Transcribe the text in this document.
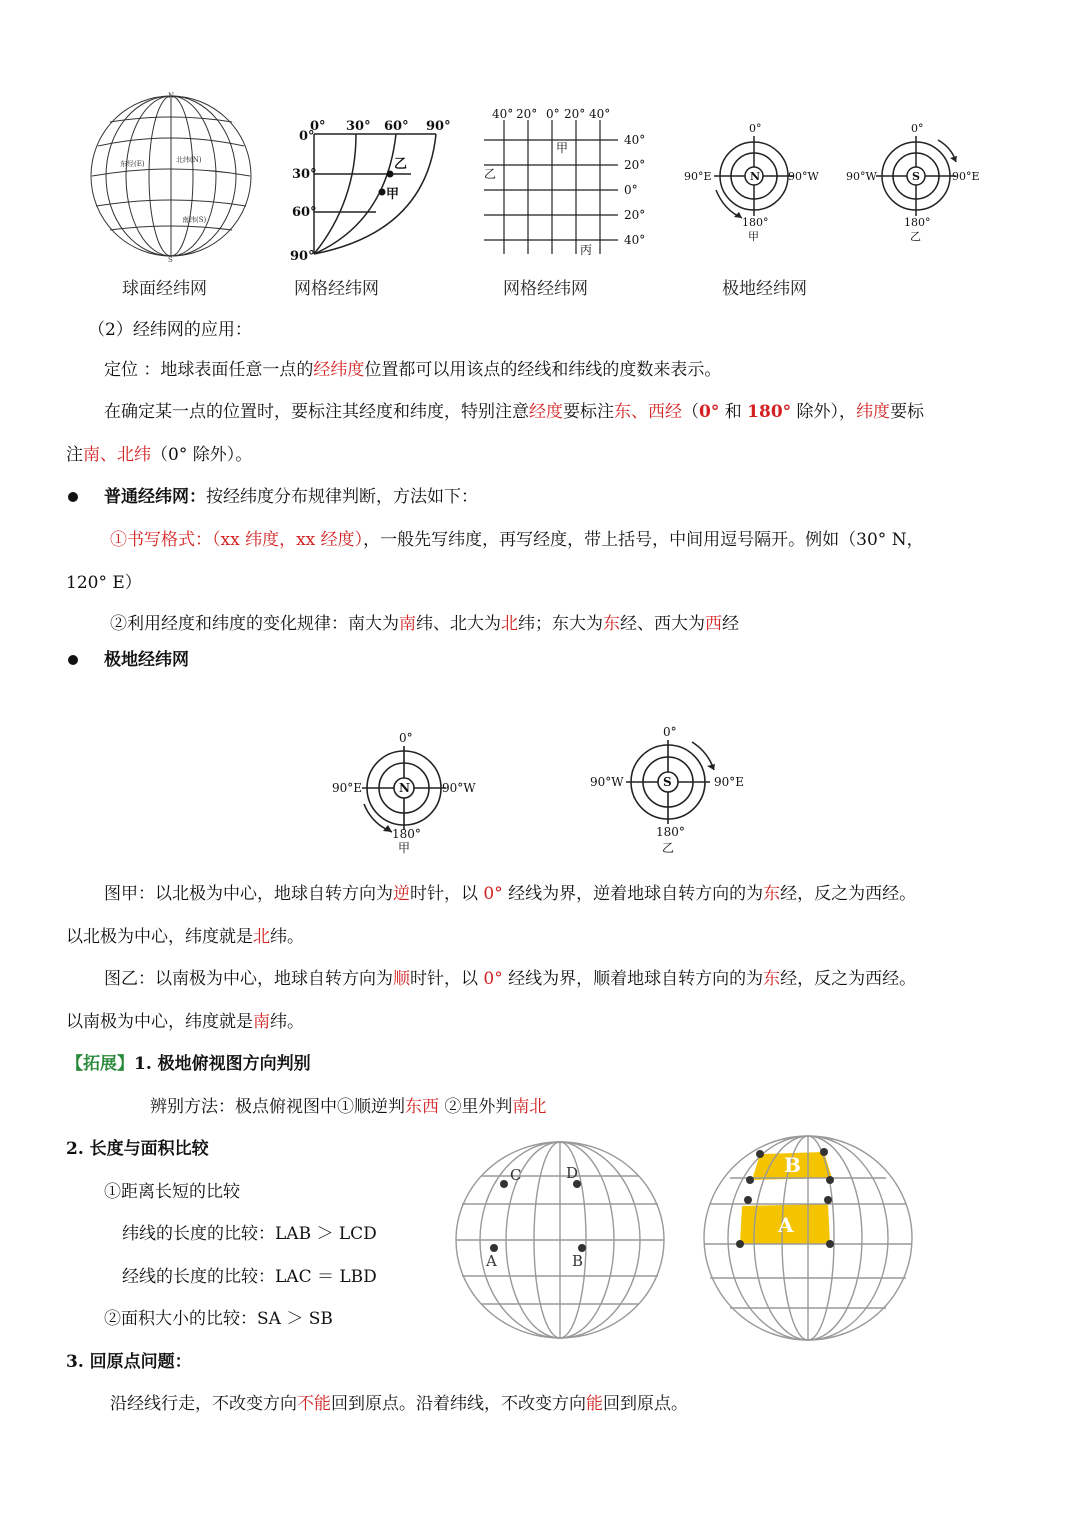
N
S
北纬(N)
南纬(S)
东经(E)
球面经纬网
0° 30° 60° 90°
0°
30°
60°
90°
乙
甲
网格经纬网
40° 20° 0° 20° 40°
40°
20°
0°
20°
40°
甲
乙
丙
网格经纬网
0°
90°E	90°W
180°
N
甲
0°
90°W	90°E
180°
S
乙
极地经纬网
（2）经纬网的应用：
定位 ：地球表面任意一点的经纬度位置都可以用该点的经线和纬线的度数来表示。
在确定某一点的位置时，要标注其经度和纬度，特别注意经度要标注东、西经（0° 和 180° 除外），纬度要标
注南、北纬（0° 除外）。
普通经纬网：按经纬度分布规律判断，方法如下：
①书写格式：（xx 纬度，xx 经度），一般先写纬度，再写经度，带上括号，中间用逗号隔开。例如（30° N，
120° E）
②利用经度和纬度的变化规律：南大为南纬、北大为北纬；东大为东经、西大为西经
极地经纬网
0°
90°E	90°W
180°
N
甲
0°
90°W	90°E
180°
S
乙
图甲：以北极为中心，地球自转方向为逆时针，以 0° 经线为界，逆着地球自转方向的为东经，反之为西经。
以北极为中心，纬度就是北纬。
图乙：以南极为中心，地球自转方向为顺时针，以 0° 经线为界，顺着地球自转方向的为东经，反之为西经。
以南极为中心，纬度就是南纬。
【拓展】1. 极地俯视图方向判别
辨别方法：极点俯视图中①顺逆判东西 ②里外判南北
2. 长度与面积比较
①距离长短的比较
纬线的长度的比较：LAB ＞ LCD
经线的长度的比较：LAC ＝ LBD
②面积大小的比较：SA ＞ SB
C	D
A	B
B
A
3. 回原点问题：
沿经线行走，不改变方向不能回到原点。沿着纬线，不改变方向能回到原点。
